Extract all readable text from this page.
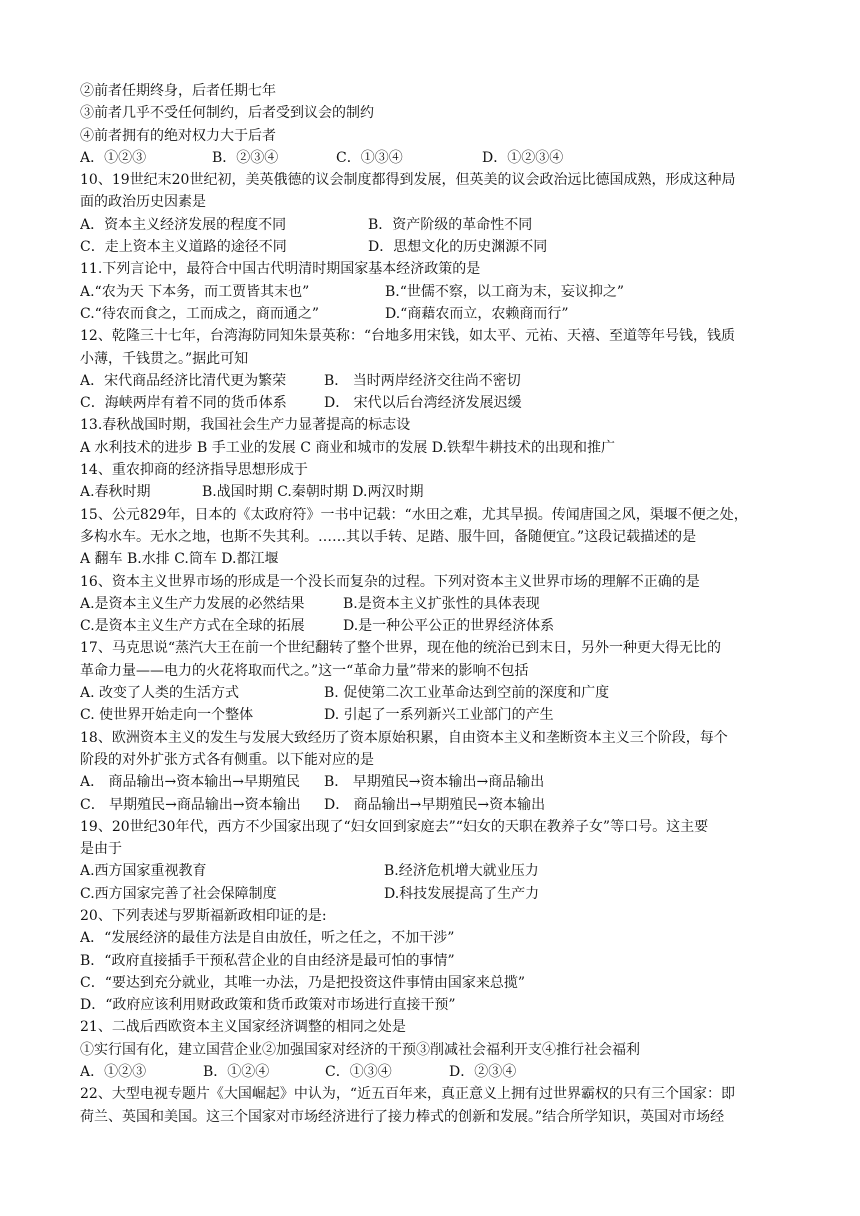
②前者任期终身，后者任期七年
③前者几乎不受任何制约，后者受到议会的制约
④前者拥有的绝对权力大于后者
A．①②③	B．②③④	C．①③④	D．①②③④
10、19世纪末20世纪初，美英俄德的议会制度都得到发展，但英美的议会政治远比德国成熟，形成这种局
面的政治历史因素是
A．资本主义经济发展的程度不同	B．资产阶级的革命性不同
C．走上资本主义道路的途径不同	D．思想文化的历史渊源不同
11.下列言论中，最符合中国古代明清时期国家基本经济政策的是
A.“农为天 下本务，而工贾皆其末也”	B.“世儒不察，以工商为末，妄议抑之”
C.“待农而食之，工而成之，商而通之”	D.“商藉农而立，农赖商而行”
12、乾隆三十七年，台湾海防同知朱景英称：“台地多用宋钱，如太平、元祐、天禧、至道等年号钱，钱质
小薄，千钱贯之。”据此可知
A．宋代商品经济比清代更为繁荣	B． 当时两岸经济交往尚不密切
C．海峡两岸有着不同的货币体系	D． 宋代以后台湾经济发展迟缓
13.春秋战国时期，我国社会生产力显著提高的标志设
A 水利技术的进步 B 手工业的发展 C 商业和城市的发展 D.铁犁牛耕技术的出现和推广
14、重农抑商的经济指导思想形成于
A.春秋时期	B.战国时期 C.秦朝时期 D.两汉时期
15、公元829年，日本的《太政府符》一书中记载：“水田之难，尤其旱损。传闻唐国之风，渠堰不便之处，
多构水车。无水之地，也斯不失其利。……其以手转、足踏、服牛回，备随便宜。”这段记载描述的是
A 翻车 B.水排 C.筒车 D.都江堰
16、资本主义世界市场的形成是一个没长而复杂的过程。下列对资本主义世界市场的理解不正确的是
A.是资本主义生产力发展的必然结果	B.是资本主义扩张性的具体表现
C.是资本主义生产方式在全球的拓展	D.是一种公平公正的世界经济体系
17、马克思说“蒸汽大王在前一个世纪翻转了整个世界，现在他的统治已到末日，另外一种更大得无比的
革命力量——电力的火花将取而代之。”这一“革命力量”带来的影响不包括
A. 改变了人类的生活方式	B. 促使第二次工业革命达到空前的深度和广度
C. 使世界开始走向一个整体	D. 引起了一系列新兴工业部门的产生
18、欧洲资本主义的发生与发展大致经历了资本原始积累，自由资本主义和垄断资本主义三个阶段，每个
阶段的对外扩张方式各有侧重。以下能对应的是
A． 商品输出→资本输出→早期殖民	B． 早期殖民→资本输出→商品输出
C． 早期殖民→商品输出→资本输出	D． 商品输出→早期殖民→资本输出
19、20世纪30年代，西方不少国家出现了“妇女回到家庭去”“妇女的天职在教养子女”等口号。这主要
是由于
A.西方国家重视教育	B.经济危机增大就业压力
C.西方国家完善了社会保障制度	D.科技发展提高了生产力
20、下列表述与罗斯福新政相印证的是:
A．“发展经济的最佳方法是自由放任，听之任之，不加干涉”
B．“政府直接插手干预私营企业的自由经济是最可怕的事情”
C．“要达到充分就业，其唯一办法，乃是把投资这件事情由国家来总揽”
D．“政府应该利用财政政策和货币政策对市场进行直接干预”
21、二战后西欧资本主义国家经济调整的相同之处是
①实行国有化，建立国营企业②加强国家对经济的干预③削减社会福利开支④推行社会福利
A．①②③	B．①②④	C．①③④	D．②③④
22、大型电视专题片《大国崛起》中认为，“近五百年来，真正意义上拥有过世界霸权的只有三个国家：即
荷兰、英国和美国。这三个国家对市场经济进行了接力棒式的创新和发展。”结合所学知识，英国对市场经
